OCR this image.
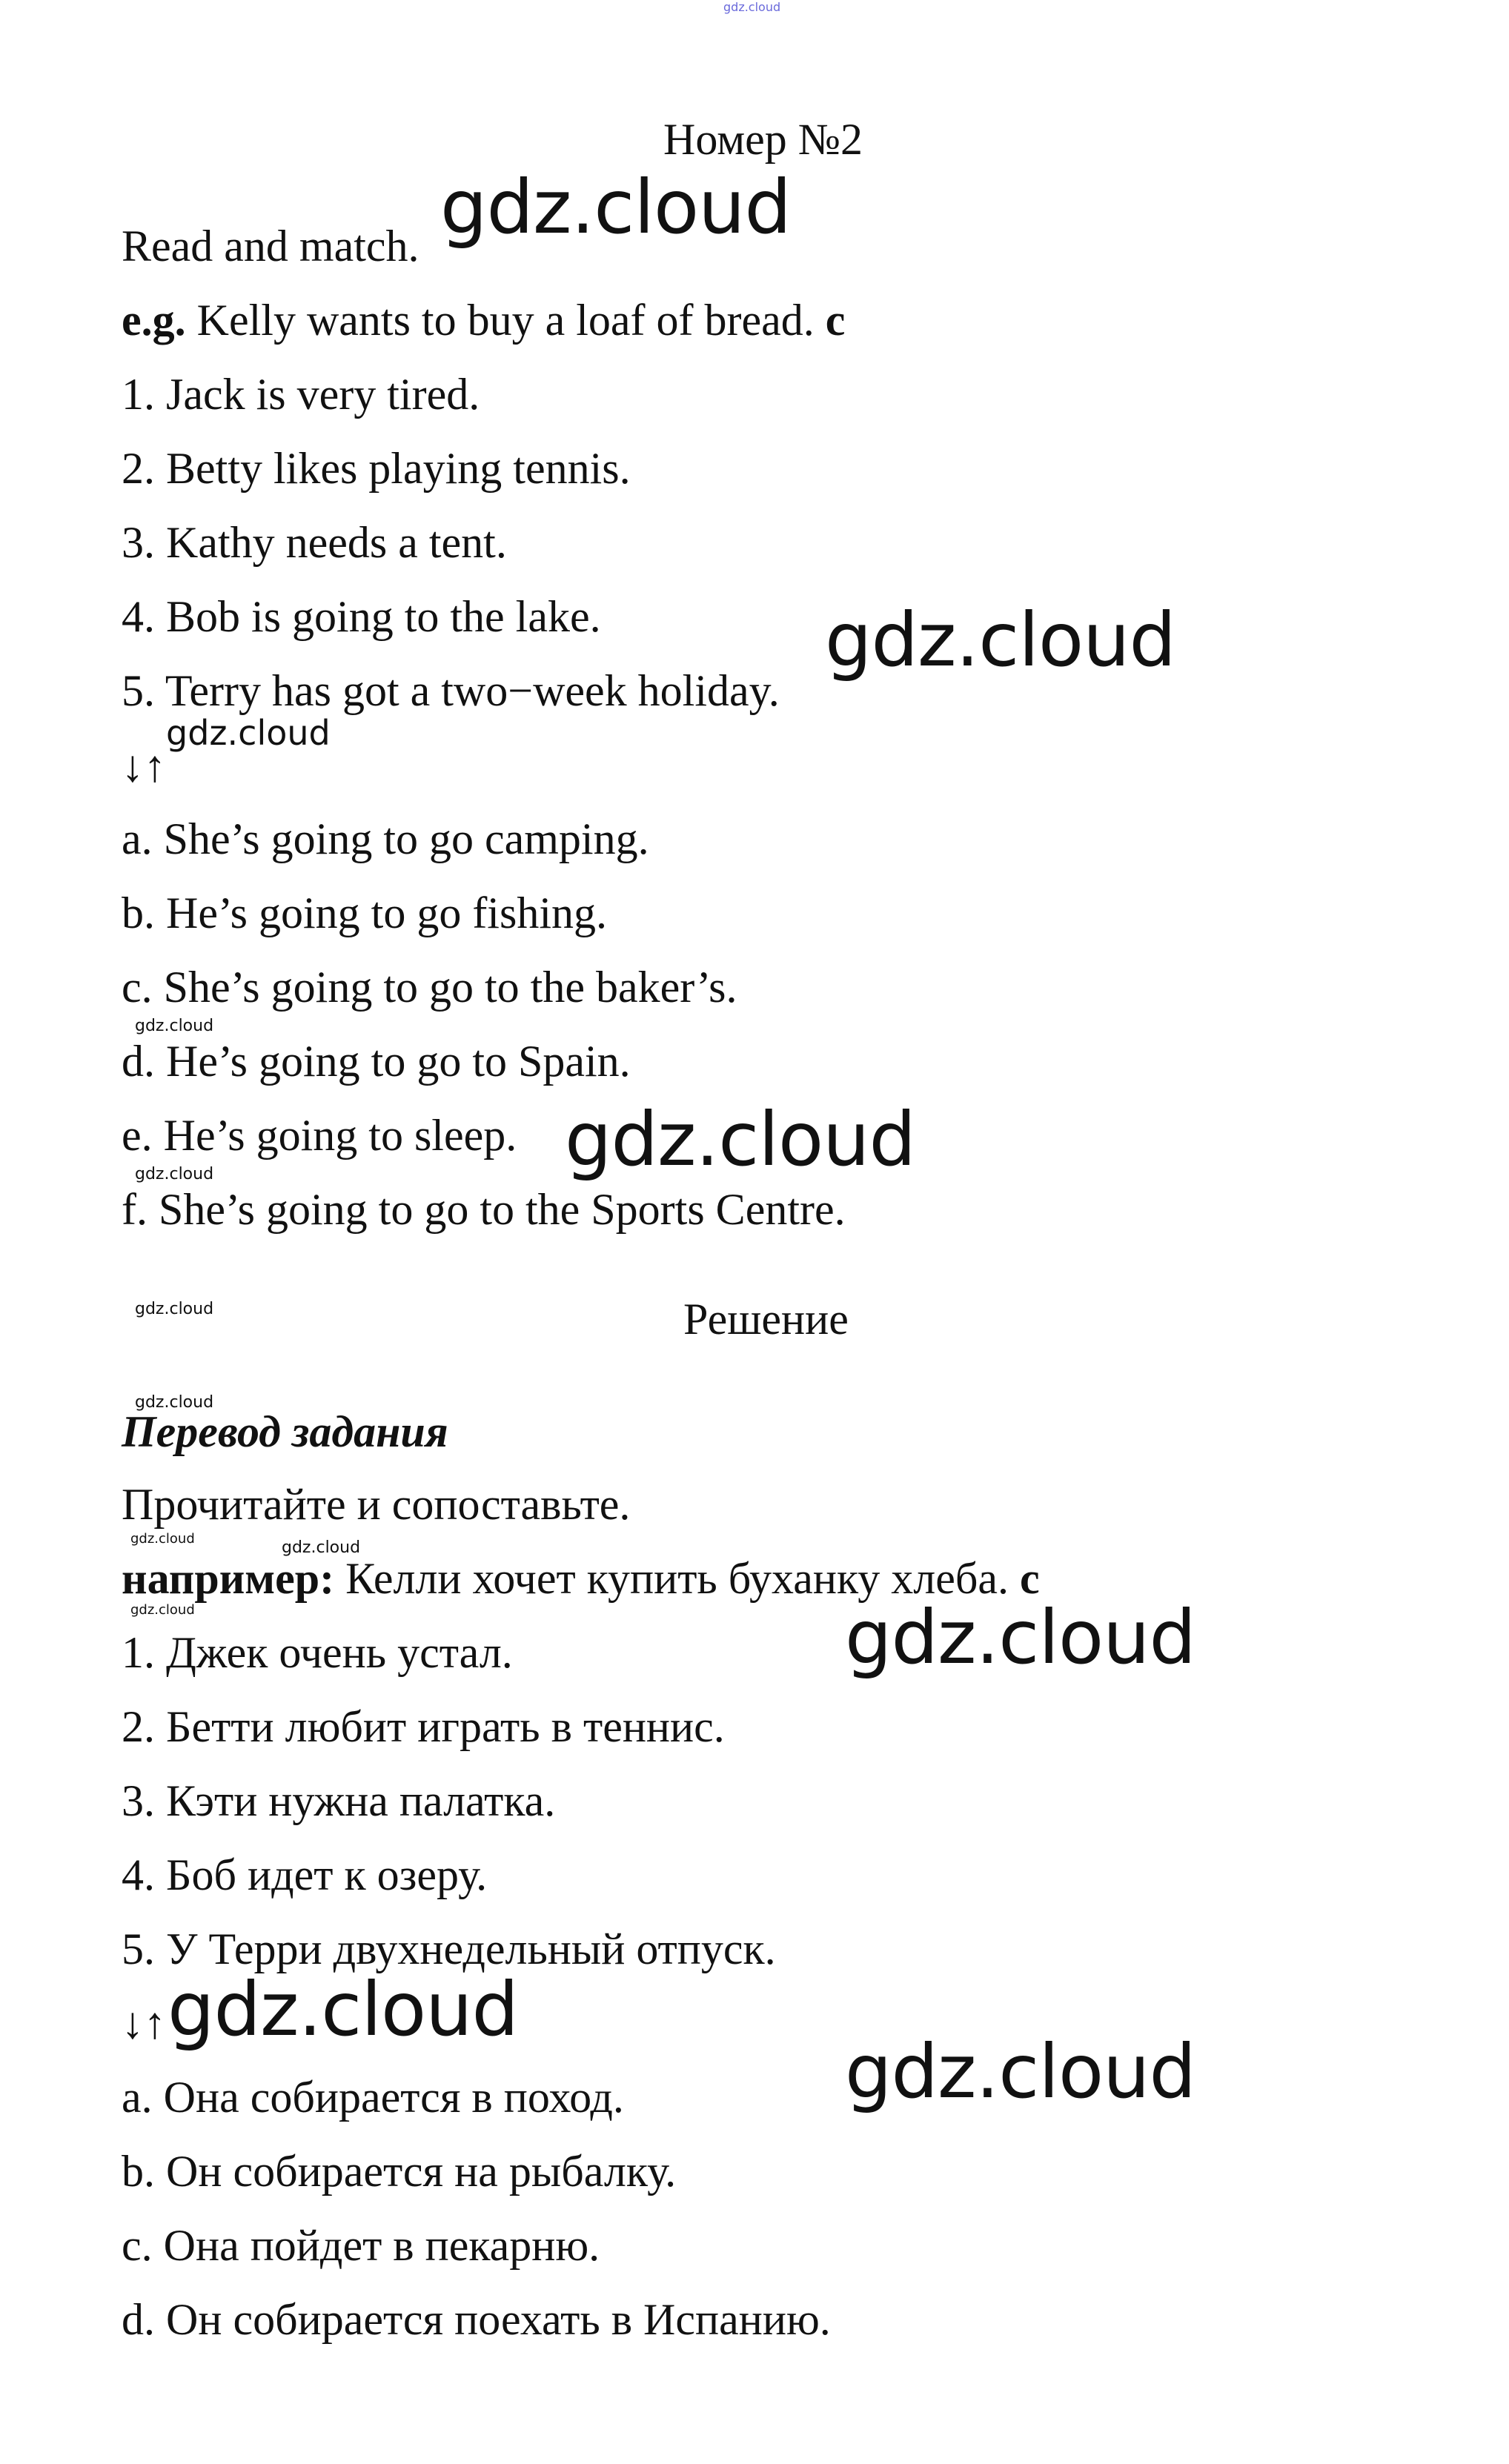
gdz.cloud
Номер №2
Read and match.
e.g. Kelly wants to buy a loaf of bread. c
1. Jack is very tired.
2. Betty likes playing tennis.
3. Kathy needs a tent.
4. Bob is going to the lake.
5. Terry has got a two−week holiday.
↓↑
a. She’s going to go camping.
b. He’s going to go fishing.
c. She’s going to go to the baker’s.
d. He’s going to go to Spain.
e. He’s going to sleep.
f. She’s going to go to the Sports Centre.
Решение
Перевод задания
Прочитайте и сопоставьте.
например: Келли хочет купить буханку хлеба. с
1. Джек очень устал.
2. Бетти любит играть в теннис.
3. Кэти нужна палатка.
4. Боб идет к озеру.
5. У Терри двухнедельный отпуск.
↓↑
a. Она собирается в поход.
b. Он собирается на рыбалку.
c. Она пойдет в пекарню.
d. Он собирается поехать в Испанию.
gdz.cloud
gdz.cloud
gdz.cloud
gdz.cloud
gdz.cloud
gdz.cloud
gdz.cloud
gdz.cloud
gdz.cloud	gdz.cloud
gdz.cloud	gdz.cloud
gdz.cloud
gdz.cloud
